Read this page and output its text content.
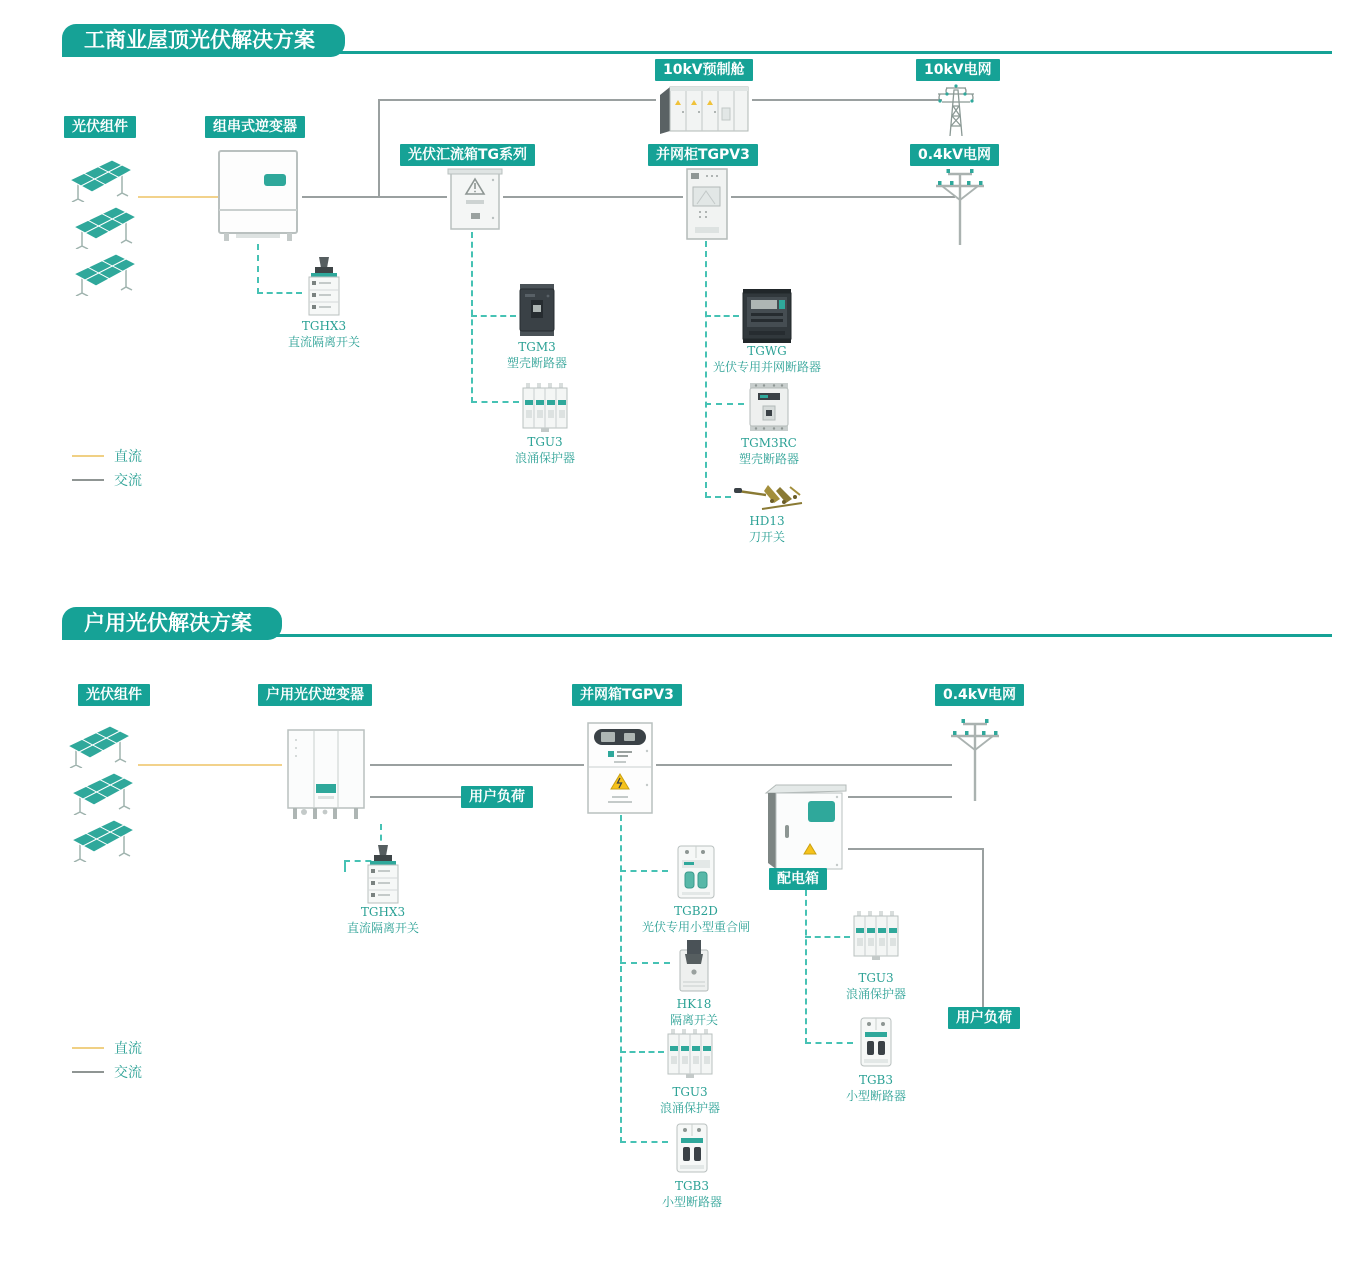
工商业屋顶光伏解决方案
光伏组件	组串式逆变器
光伏汇流箱TG系列	并网柜TGPV3
10kV预制舱	10kV电网
0.4kV电网
TGHX3
直流隔离开关	TGM3
塑壳断路器
TGU3
浪涌保护器
TGWG
光伏专用并网断路器
TGM3RC
塑壳断路器
HD13
刀开关
直流
交流
户用光伏解决方案
光伏组件	户用光伏逆变器	并网箱TGPV3	0.4kV电网
用户负荷
配电箱
用户负荷
TGHX3
直流隔离开关
TGB2D
光伏专用小型重合闸
HK18
隔离开关
TGU3
浪涌保护器
TGB3
小型断路器
TGU3
浪涌保护器
TGB3
小型断路器
直流
交流
